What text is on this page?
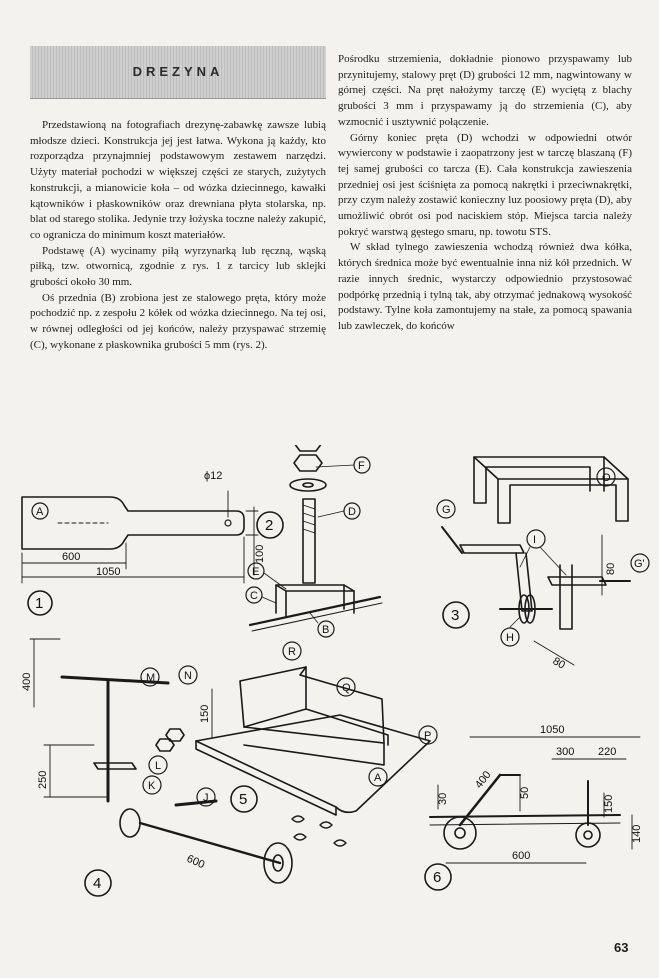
DREZYNA

Przedstawioną na fotografiach drezynę-zabawkę zawsze lubią młodsze dzieci. Konstrukcja jej jest łatwa. Wykona ją każdy, kto rozporządza przynajmniej podstawowym zestawem narzędzi. Użyty materiał pochodzi w większej części ze starych, zużytych konstrukcji, a mianowicie koła – od wózka dziecinnego, kawałki kątowników i płaskowników oraz drewniana płyta stolarska, np. blat od starego stolika. Jedynie trzy łożyska toczne należy zakupić, co ogranicza do minimum koszt materiałów.

Podstawę (A) wycinamy piłą wyrzynarką lub ręczną, wąską piłką, tzw. otwornicą, zgodnie z rys. 1 z tarcicy lub sklejki grubości około 30 mm.

Oś przednia (B) zrobiona jest ze stalowego pręta, który może pochodzić np. z zespołu 2 kółek od wózka dziecinnego. Na tej osi, w równej odległości od jej końców, należy przyspawać strzemię (C), wykonane z płaskownika grubości 5 mm (rys. 2).

Pośrodku strzemienia, dokładnie pionowo przyspawamy lub przynitujemy, stalowy pręt (D) grubości 12 mm, nagwintowany w górnej części. Na pręt nałożymy tarczę (E) wyciętą z blachy grubości 3 mm i przyspawamy ją do strzemienia (C), aby wzmocnić i usztywnić połączenie.

Górny koniec pręta (D) wchodzi w odpowiedni otwór wywiercony w podstawie i zaopatrzony jest w tarczę blaszaną (F) tej samej grubości co tarcza (E). Cała konstrukcja zawieszenia przedniej osi jest ściśnięta za pomocą nakrętki i przeciwnakrętki, przy czym należy zostawić konieczny luz poosiowy pręta (D), aby umożliwić obrót osi pod naciskiem stóp. Miejsca tarcia należy pokryć warstwą gęstego smaru, np. towotu STS.

W skład tylnego zawieszenia wchodzą również dwa kółka, których średnica może być ewentualnie inna niż kół przednich. W razie innych średnic, wystarczy odpowiednio przystosować podpórkę przednią i tylną tak, aby otrzymać jednakową wysokość podstawy. Tylne koła zamontujemy na stałe, za pomocą spawania lub zawleczek, do końców

A
600
1050
ϕ12
100
1
2
F
D
E
C
B
O
G
G'
I
H
80
80
3
M	N
L
K
J
400
250
600
4
R
Q
P
A
150
5
1050
300 220
400
50
30	150
140
600
6
63
